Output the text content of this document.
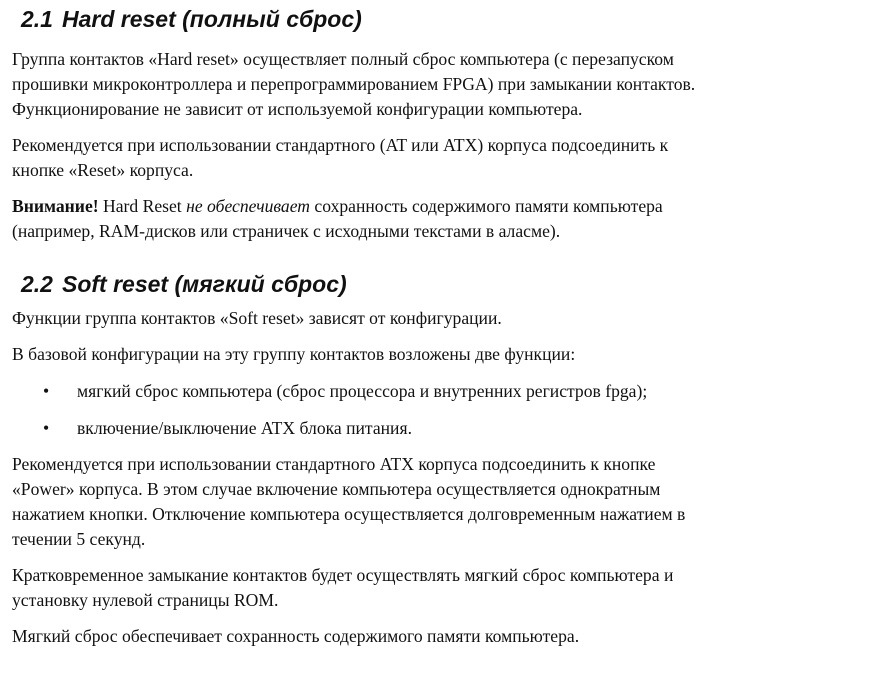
2.1 Hard reset (полный сброс)

Группа контактов «Hard reset» осуществляет полный сброс компьютера (с перезапуском
прошивки микроконтроллера и перепрограммированием FPGA) при замыкании контактов.
Функционирование не зависит от используемой конфигурации компьютера.

Рекомендуется при использовании стандартного (AT или ATX) корпуса подсоединить к
кнопке «Reset» корпуса.

Внимание! Hard Reset не обеспечивает сохранность содержимого памяти компьютера
(например, RAM-дисков или страничек с исходными текстами в аласме).

2.2 Soft reset (мягкий сброс)

Функции группа контактов «Soft reset» зависят от конфигурации.

В базовой конфигурации на эту группу контактов возложены две функции:

• мягкий сброс компьютера (сброс процессора и внутренних регистров fpga);
• включение/выключение ATX блока питания.

Рекомендуется при использовании стандартного ATX корпуса подсоединить к кнопке
«Power» корпуса. В этом случае включение компьютера осуществляется однократным
нажатием кнопки. Отключение компьютера осуществляется долговременным нажатием в
течении 5 секунд.

Кратковременное замыкание контактов будет осуществлять мягкий сброс компьютера и
установку нулевой страницы ROM.

Мягкий сброс обеспечивает сохранность содержимого памяти компьютера.
